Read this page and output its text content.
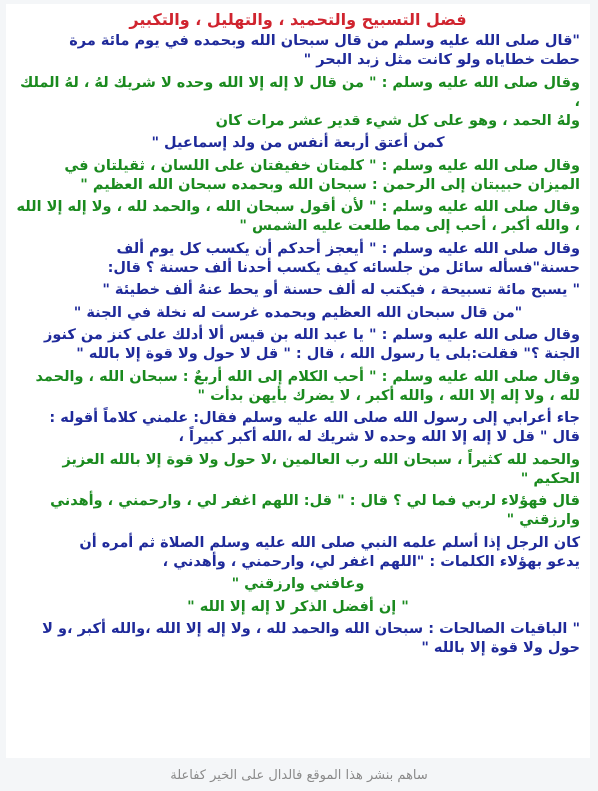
فضل التسبيح والتحميد ، والتهليل ، والتكبير
"قال صلى الله عليه وسلم من قال سبحان الله وبحمده في يوم مائة مرة
حطت خطاياه ولو كانت مثل زبد البحر "
وقال صلى الله عليه وسلم : " من قال لا إله إلا الله وحده لا شريك لهُ ، لهُ الملك ،
ولهُ الحمد ، وهو على كل شيء قدير عشر مرات كان
كمن أعتق أربعة أنفس من ولد إسماعيل "
وقال صلى الله عليه وسلم : " كلمتان خفيفتان على اللسان ، ثقيلتان في
الميزان حبيبتان إلى الرحمن : سبحان الله وبحمده سبحان الله العظيم "
وقال صلى الله عليه وسلم : " لأن أقول سبحان الله ، والحمد لله ، ولا إله إلا الله
، والله أكبر ، أحب إلى مما طلعت عليه الشمس "
وقال صلى الله عليه وسلم : " أيعجز أحدكم أن يكسب كل يوم ألف
حسنة"فسأله سائل من جلسائه كيف يكسب أحدنا ألف حسنة ؟ قال:
" يسبح مائة تسبيحة ، فيكتب له ألف حسنة أو يحط عنهُ ألف خطيئة "
"من قال سبحان الله العظيم وبحمده غرست له نخلة في الجنة "
وقال صلى الله عليه وسلم : " يا عبد الله بن قيس ألا أدلك على كنز من كنوز
الجنة ؟" فقلت:بلى يا رسول الله ، قال : " قل لا حول ولا قوة إلا بالله "
وقال صلى الله عليه وسلم : " أحب الكلام إلى الله أربعٌ : سبحان الله ، والحمد
لله ، ولا إله إلا الله ، والله أكبر ، لا يضرك بأيهن بدأت "
جاء أعرابي إلى رسول الله صلى الله عليه وسلم فقال: علمني كلاماً أقوله :
قال " قل لا إله إلا الله وحده لا شريك له ،الله أكبر كبيراً ،
والحمد لله كثيراً ، سبحان الله رب العالمين ،لا حول ولا قوة إلا بالله العزيز
الحكيم "
قال فهؤلاء لربي فما لي ؟ قال : " قل: اللهم اغفر لي ، وارحمني ، وأهدني
وارزقني "
كان الرجل إذا أسلم علمه النبي صلى الله عليه وسلم الصلاة ثم أمره أن
يدعو بهؤلاء الكلمات : "اللهم اغفر لي، وارحمني ، وأهدني ،
وعافني وارزقني "
" إن أفضل الذكر لا إله إلا الله "
" الباقيات الصالحات : سبحان الله والحمد لله ، ولا إله إلا الله ،والله أكبر ،و لا
حول ولا قوة إلا بالله "
ساهم بنشر هذا الموقع فالدال على الخير كفاعلة
